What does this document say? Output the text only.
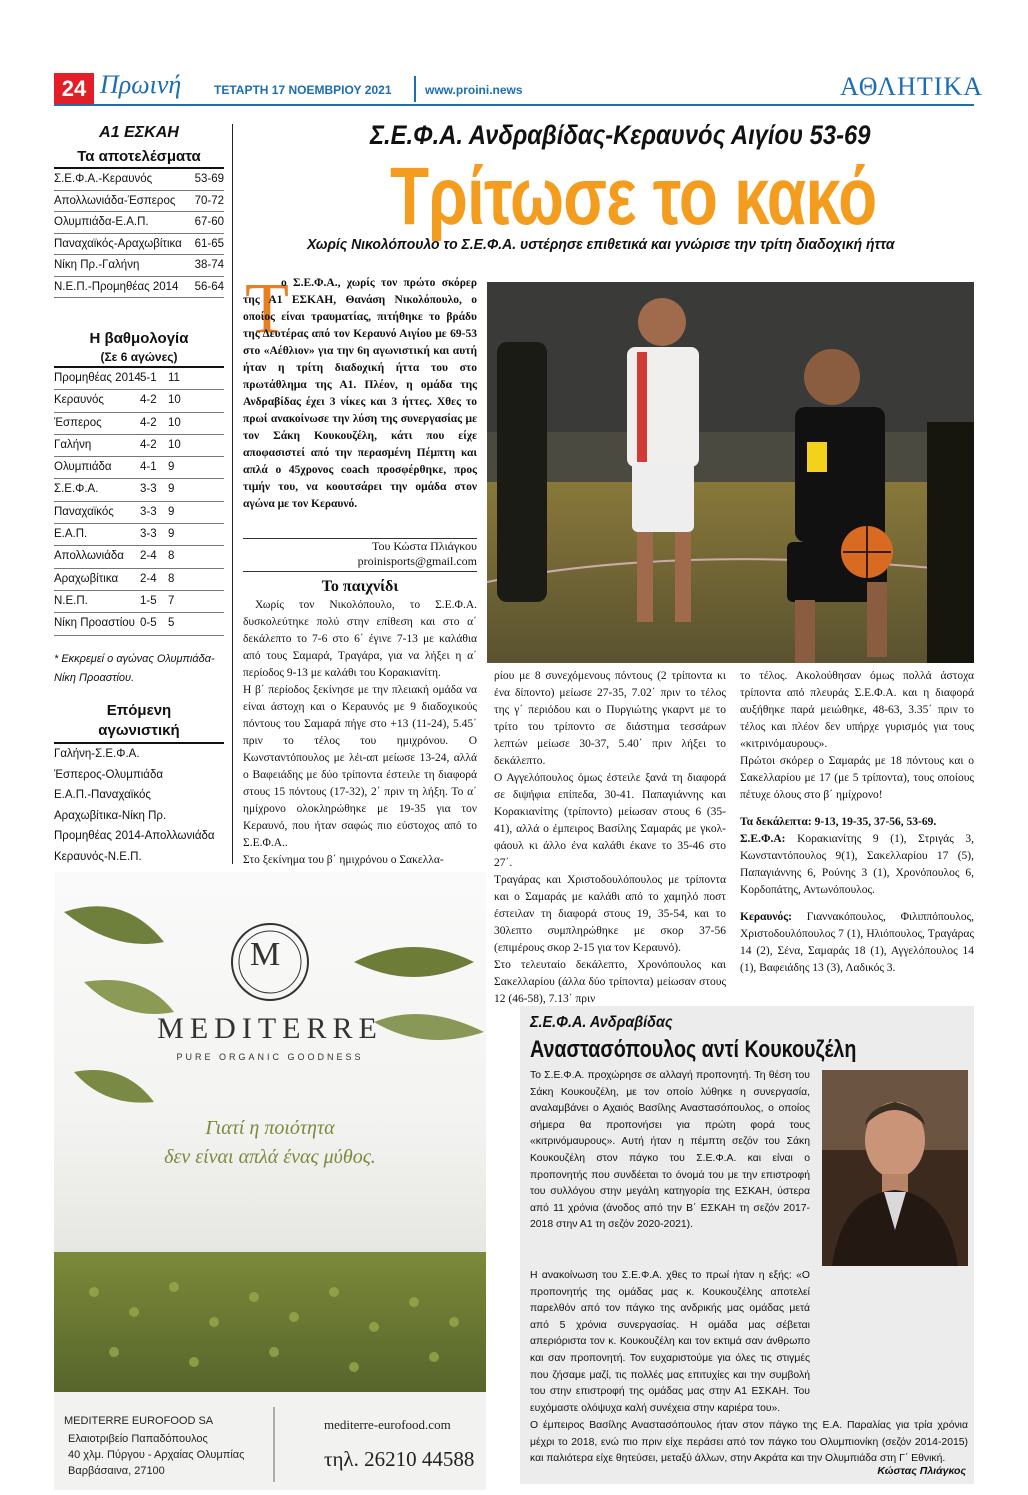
24 Πρωινή	ΤΕΤΑΡΤΗ 17 ΝΟΕΜΒΡΙΟΥ 2021	www.proini.news	ΑΘΛΗΤΙΚΑ
Α1 ΕΣΚΑΗ
Τα αποτελέσματα
Σ.Ε.Φ.Α.-Κεραυνός	53-69
Απολλωνιάδα-Έσπερος 70-72
Ολυμπιάδα-Ε.Α.Π.	67-60
Παναχαϊκός-Αραχωβίτικα 61-65
Νίκη Πρ.-Γαλήνη	38-74
Ν.Ε.Π.-Προμηθέας 2014 56-64
Η βαθμολογία
(Σε 6 αγώνες)
Προμηθέας 2014 5-1 11
Κεραυνός	4-2 10
Έσπερος	4-2 10
Γαλήνη	4-2 10
Ολυμπιάδα	4-1 9
Σ.Ε.Φ.Α.	3-3 9
Παναχαϊκός	3-3 9
Ε.Α.Π.	3-3 9
Απολλωνιάδα	2-4 8
Αραχωβίτικα	2-4 8
Ν.Ε.Π.	1-5 7
Νίκη Προαστίου 0-5 5
* Εκκρεμεί ο αγώνας Ολυμπιάδα-Νίκη Προαστίου.
Επόμενη
αγωνιστική
Γαλήνη-Σ.Ε.Φ.Α.
Έσπερος-Ολυμπιάδα
Ε.Α.Π.-Παναχαϊκός
Αραχωβίτικα-Νίκη Πρ.
Προμηθέας 2014-Απολλωνιάδα
Κεραυνός-Ν.Ε.Π.
Σ.Ε.Φ.Α. Ανδραβίδας-Κεραυνός Αιγίου 53-69
Τρίτωσε το κακό
Χωρίς Νικολόπουλο το Σ.Ε.Φ.Α. υστέρησε επιθετικά και γνώρισε την τρίτη διαδοχική ήττα
Τ
ο Σ.Ε.Φ.Α., χωρίς τον πρώτο σκόρερ της Α1 ΕΣΚΑΗ, Θανάση Νικολόπουλο, ο οποίος είναι τραυματίας, πιτήθηκε το βράδυ της Δευτέρας από τον Κεραυνό Αιγίου με 69-53 στο «Αέθλιον» για την 6η αγωνιστική και αυτή ήταν η τρίτη διαδοχική ήττα του στο πρωτάθλημα της Α1. Πλέον, η ομάδα της Ανδραβίδας έχει 3 νίκες και 3 ήττες. Χθες το πρωί ανακοίνωσε την λύση της συνεργασίας με τον Σάκη Κουκουζέλη, κάτι που είχε αποφασιστεί από την περασμένη Πέμπτη και απλά ο 45χρονος coach προσφέρθηκε, προς τιμήν του, να κοουτσάρει την ομάδα στον αγώνα με τον Κεραυνό.
Του Κώστα Πλιάγκου
proinisports@gmail.com
Το παιχνίδι

Χωρίς τον Νικολόπουλο, το Σ.Ε.Φ.Α. δυσκολεύτηκε πολύ στην επίθεση και στο α΄ δεκάλεπτο το 7-6 στο 6΄ έγινε 7-13 με καλάθια από τους Σαμαρά, Τραγάρα, για να λήξει η α΄ περίοδος 9-13 με καλάθι του Κορακιανίτη.

Η β΄ περίοδος ξεκίνησε με την πλειακή ομάδα να είναι άστοχη και ο Κεραυνός με 9 διαδοχικούς πόντους του Σαμαρά πήγε στο +13 (11-24), 5.45΄ πριν το τέλος του ημιχρόνου. Ο Κωνσταντόπουλος με λέι-απ μείωσε 13-24, αλλά ο Βαφειάδης με δύο τρίποντα έστειλε τη διαφορά στους 15 πόντους (17-32), 2΄ πριν τη λήξη. Το α΄ ημίχρονο ολοκληρώθηκε με 19-35 για τον Κεραυνό, που ήταν σαφώς πιο εύστοχος από το Σ.Ε.Φ.Α..

Στο ξεκίνημα του β΄ ημιχρόνου ο Σακελλα-

ρίου με 8 συνεχόμενους πόντους (2 τρίποντα κι ένα δίποντο) μείωσε 27-35, 7.02΄ πριν το τέλος της γ΄ περιόδου και ο Πυργιώτης γκαρντ με το τρίτο του τρίποντο σε διάστημα τεσσάρων λεπτών μείωσε 30-37, 5.40΄ πριν λήξει το δεκάλεπτο.

Ο Αγγελόπουλος όμως έστειλε ξανά τη διαφορά σε διψήφια επίπεδα, 30-41. Παπαγιάννης και Κορακιανίτης (τρίποντο) μείωσαν στους 6 (35-41), αλλά ο έμπειρος Βασίλης Σαμαράς με γκολ-φάουλ κι άλλο ένα καλάθι έκανε το 35-46 στο 27΄.

Τραγάρας και Χριστοδουλόπουλος με τρίποντα και ο Σαμαράς με καλάθι από το χαμηλό ποστ έστειλαν τη διαφορά στους 19, 35-54, και το 30λεπτο συμπληρώθηκε με σκορ 37-56 (επιμέρους σκορ 2-15 για τον Κεραυνό).

Στο τελευταίο δεκάλεπτο, Χρονόπουλος και Σακελλαρίου (άλλα δύο τρίποντα) μείωσαν στους 12 (46-58), 7.13΄ πριν

το τέλος. Ακολούθησαν όμως πολλά άστοχα τρίποντα από πλευράς Σ.Ε.Φ.Α. και η διαφορά αυξήθηκε παρά μειώθηκε, 48-63, 3.35΄ πριν το τέλος και πλέον δεν υπήρχε γυρισμός για τους «κιτρινόμαυρους».

Πρώτοι σκόρερ ο Σαμαράς με 18 πόντους και ο Σακελλαρίου με 17 (με 5 τρίποντα), τους οποίους πέτυχε όλους στο β΄ ημίχρονο!

Τα δεκάλεπτα: 9-13, 19-35, 37-56, 53-69.

Σ.Ε.Φ.Α: Κορακιανίτης 9 (1), Στριγάς 3, Κωνσταντόπουλος 9(1), Σακελλαρίου 17 (5), Παπαγιάννης 6, Ρούνης 3 (1), Χρονόπουλος 6, Κορδοπάτης, Αντωνόπουλος.

Κεραυνός: Γιαννακόπουλος, Φιλιππόπουλος, Χριστοδουλόπουλος 7 (1), Ηλιόπουλος, Τραγάρας 14 (2), Σένα, Σαμαράς 18 (1), Αγγελόπουλος 14 (1), Βαφειάδης 13 (3), Λαδικός 3.

M
MEDITERRE
PURE ORGANIC GOODNESS
Γιατί η ποιότητα
δεν είναι απλά ένας μύθος.
MEDITERRE EUROFOOD SA
Ελαιοτριβείο Παπαδόπουλος
40 χλμ. Πύργου - Αρχαίας Ολυμπίας
Βαρβάσαινα, 27100
mediterre-eurofood.com
τηλ. 26210 44588
Σ.Ε.Φ.Α. Ανδραβίδας
Αναστασόπουλος αντί Κουκουζέλη
Το Σ.Ε.Φ.Α. προχώρησε σε αλλαγή προπονητή. Τη θέση του Σάκη Κουκουζέλη, με τον οποίο λύθηκε η συνεργασία, αναλαμβάνει ο Αχαιός Βασίλης Αναστασόπουλος, ο οποίος σήμερα θα προπονήσει για πρώτη φορά τους «κιτρινόμαυρους». Αυτή ήταν η πέμπτη σεζόν του Σάκη Κουκουζέλη στον πάγκο του Σ.Ε.Φ.Α. και είναι ο προπονητής που συνδέεται το όνομά του με την επιστροφή του συλλόγου στην μεγάλη κατηγορία της ΕΣΚΑΗ, ύστερα από 11 χρόνια (άνοδος από την Β΄ ΕΣΚΑΗ τη σεζόν 2017-2018 στην Α1 τη σεζόν 2020-2021).
Η ανακοίνωση του Σ.Ε.Φ.Α. χθες το πρωί ήταν η εξής: «Ο προπονητής της ομάδας μας κ. Κουκουζέλης αποτελεί παρελθόν από τον πάγκο της ανδρικής μας ομάδας μετά από 5 χρόνια συνεργασίας. Η ομάδα μας σέβεται απεριόριστα τον κ. Κουκουζέλη και τον εκτιμά σαν άνθρωπο και σαν προπονητή. Τον ευχαριστούμε για όλες τις στιγμές που ζήσαμε μαζί, τις πολλές μας επιτυχίες και την συμβολή του στην επιστροφή της ομάδας μας στην Α1 ΕΣΚΑΗ. Του ευχόμαστε ολόψυχα καλή συνέχεια στην καριέρα του».
Ο έμπειρος Βασίλης Αναστασόπουλος ήταν στον πάγκο της Ε.Α. Παραλίας για τρία χρόνια μέχρι το 2018, ενώ πιο πριν είχε περάσει από τον πάγκο του Ολυμπιονίκη (σεζόν 2014-2015) και παλιότερα είχε θητεύσει, μεταξύ άλλων, στην Ακράτα και την Ολυμπιάδα στη Γ΄ Εθνική.
Κώστας Πλιάγκος
